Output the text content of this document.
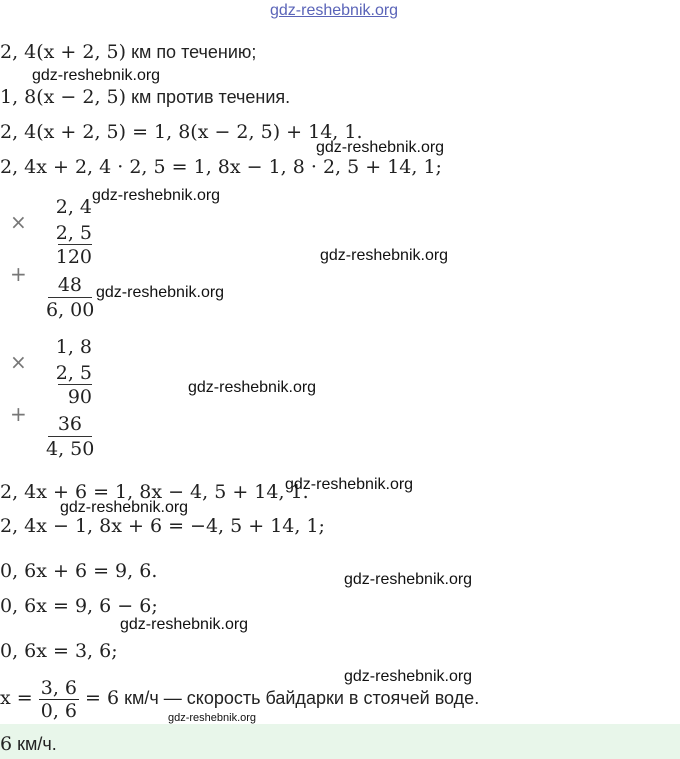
gdz-reshebnik.org
2, 4(x + 2, 5) км по течению;
gdz-reshebnik.org
1, 8(x − 2, 5) км против течения.
2, 4(x + 2, 5) = 1, 8(x − 2, 5) + 14, 1.
gdz-reshebnik.org
2, 4x + 2, 4 · 2, 5 = 1, 8x − 1, 8 · 2, 5 + 14, 1;
×
2, 4
gdz-reshebnik.org
2, 5
120
+	48
6, 00
gdz-reshebnik.org
gdz-reshebnik.org
×
1, 8
2, 5
90	gdz-reshebnik.org
+	36
4, 50
2, 4x + 6 = 1, 8x − 4, 5 + 14, 1.
gdz-reshebnik.org
gdz-reshebnik.org
2, 4x − 1, 8x + 6 = −4, 5 + 14, 1;
0, 6x + 6 = 9, 6.	gdz-reshebnik.org
0, 6x = 9, 6 − 6;
gdz-reshebnik.org
0, 6x = 3, 6;
gdz-reshebnik.org
$x = \frac{3, 6}{0, 6} = 6$ км/ч — скорость байдарки в стоячей воде.
gdz-reshebnik.org
6 км/ч.
